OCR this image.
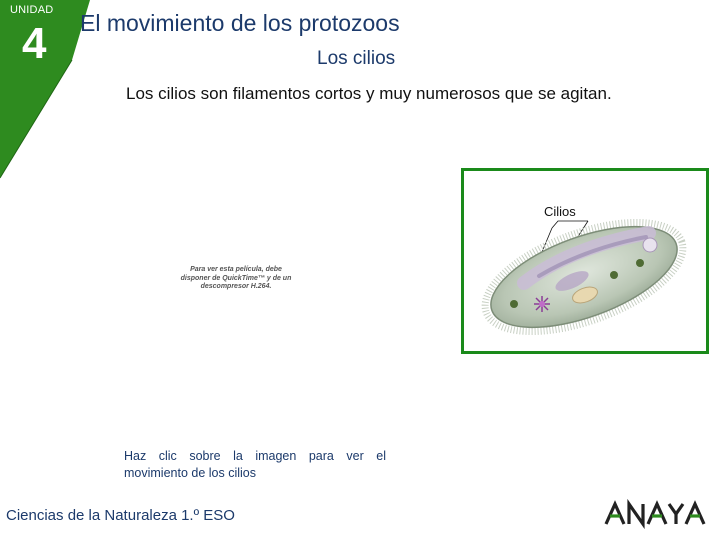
UNIDAD
4 El movimiento de los protozoos
Los cilios
Los cilios son filamentos cortos y muy numerosos que se agitan.
Para ver esta película, debe disponer de QuickTime™ y de un descompresor H.264.
Cilios
Haz clic sobre la imagen para ver el movimiento de los cilios
Ciencias de la Naturaleza 1.º ESO
